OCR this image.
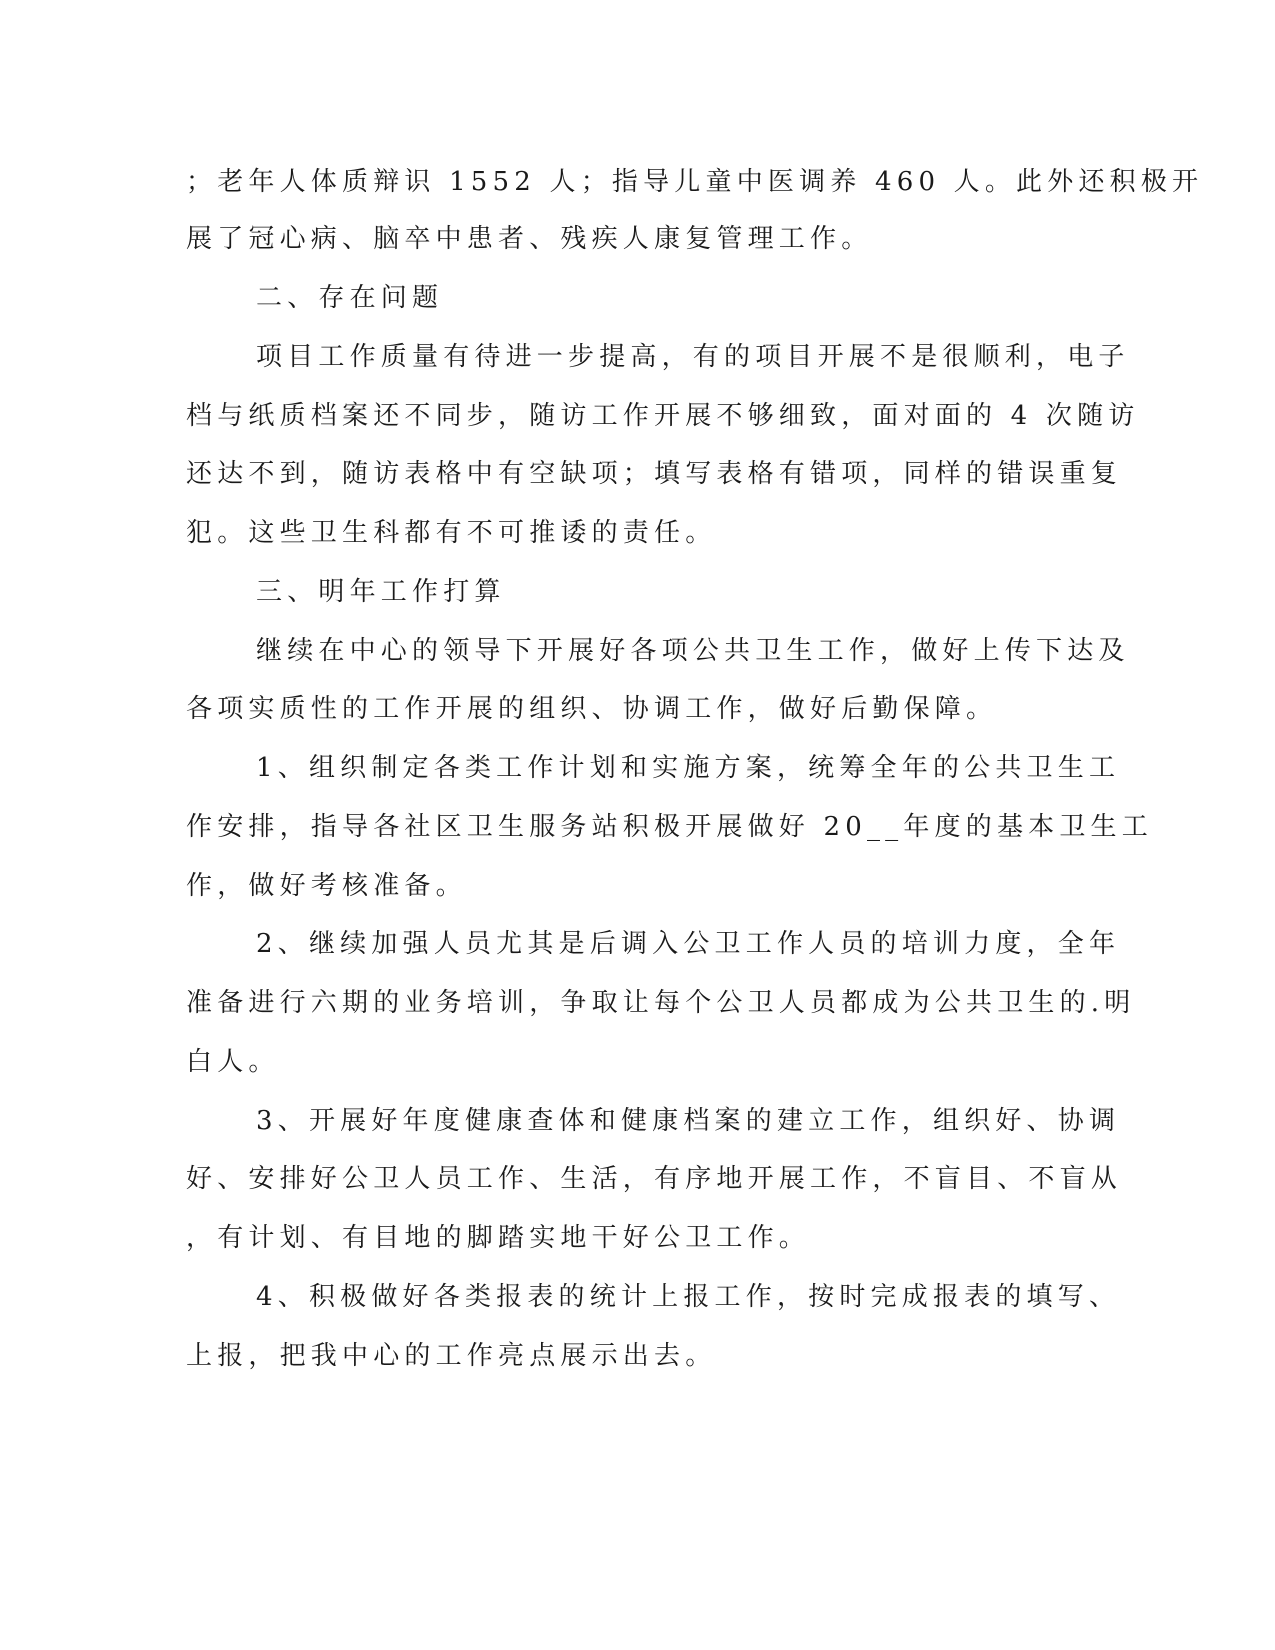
；老年人体质辩识 1552 人；指导儿童中医调养 460 人。此外还积极开

展了冠心病、脑卒中患者、残疾人康复管理工作。

二、存在问题

项目工作质量有待进一步提高，有的项目开展不是很顺利，电子

档与纸质档案还不同步，随访工作开展不够细致，面对面的 4 次随访

还达不到，随访表格中有空缺项；填写表格有错项，同样的错误重复

犯。这些卫生科都有不可推诿的责任。

三、明年工作打算

继续在中心的领导下开展好各项公共卫生工作，做好上传下达及

各项实质性的工作开展的组织、协调工作，做好后勤保障。

1、组织制定各类工作计划和实施方案，统筹全年的公共卫生工

作安排，指导各社区卫生服务站积极开展做好 20__年度的基本卫生工

作，做好考核准备。

2、继续加强人员尤其是后调入公卫工作人员的培训力度，全年

准备进行六期的业务培训，争取让每个公卫人员都成为公共卫生的.明

白人。

3、开展好年度健康查体和健康档案的建立工作，组织好、协调

好、安排好公卫人员工作、生活，有序地开展工作，不盲目、不盲从

，有计划、有目地的脚踏实地干好公卫工作。

4、积极做好各类报表的统计上报工作，按时完成报表的填写、

上报，把我中心的工作亮点展示出去。
